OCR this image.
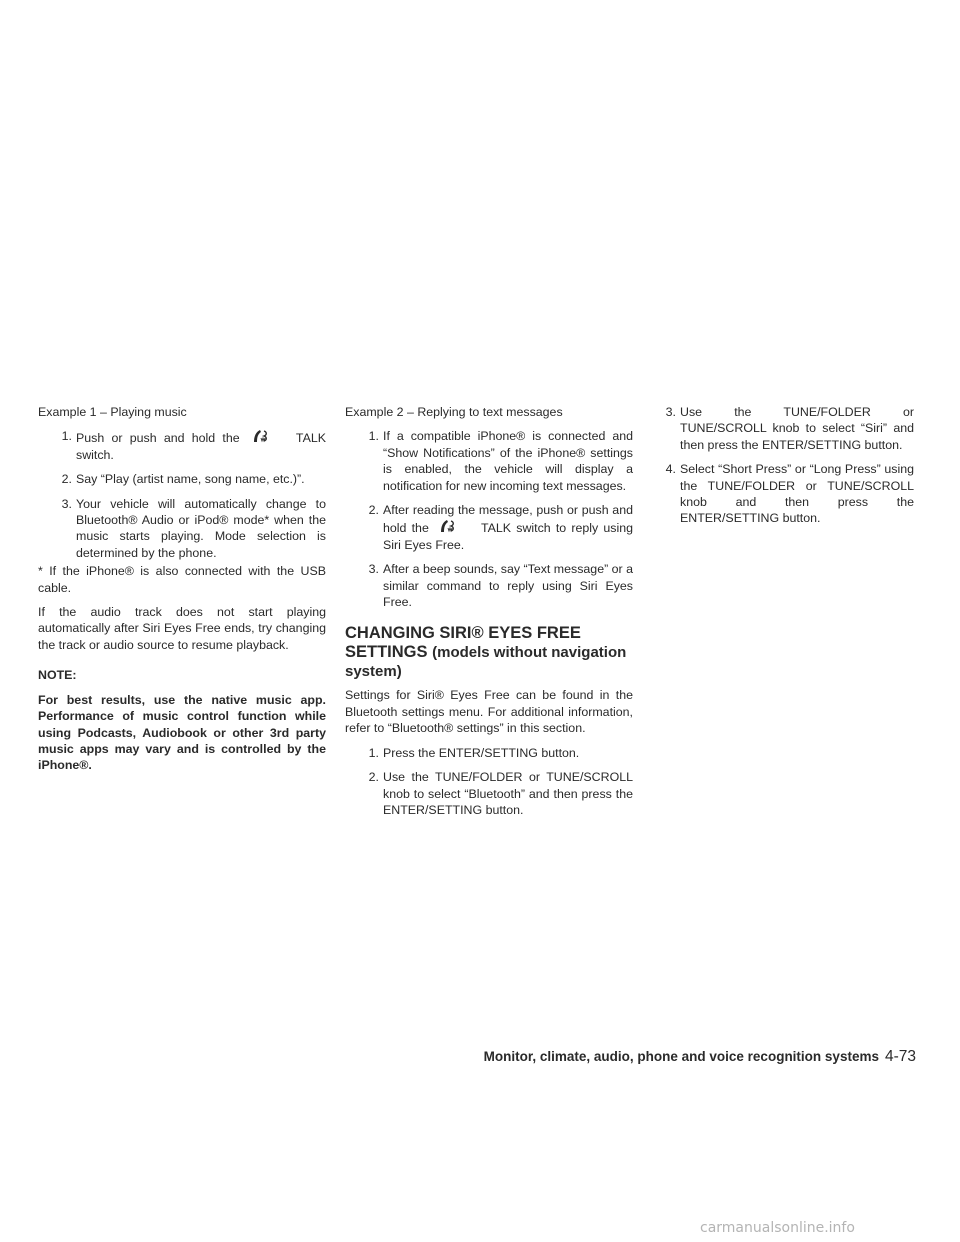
Example 1 – Playing music

1. Push or push and hold the	TALK switch.
2. Say “Play (artist name, song name, etc.)”.
3. Your vehicle will automatically change to Bluetooth® Audio or iPod® mode* when the music starts playing. Mode selection is determined by the phone.

* If the iPhone® is also connected with the USB cable.

If the audio track does not start playing automatically after Siri Eyes Free ends, try changing the track or audio source to resume playback.

NOTE:

For best results, use the native music app. Performance of music control function while using Podcasts, Audiobook or other 3rd party music apps may vary and is controlled by the iPhone®.

Example 2 – Replying to text messages

1. If a compatible iPhone® is connected and “Show Notifications” of the iPhone® settings is enabled, the vehicle will display a notification for new incoming text messages.
2. After reading the message, push or push and hold the	TALK switch to reply using Siri Eyes Free.
3. After a beep sounds, say “Text message” or a similar command to reply using Siri Eyes Free.
CHANGING SIRI® EYES FREE SETTINGS (models without navigation system)

Settings for Siri® Eyes Free can be found in the Bluetooth settings menu. For additional information, refer to “Bluetooth® settings” in this section.

1. Press the ENTER/SETTING button.
2. Use the TUNE/FOLDER or TUNE/SCROLL knob to select “Bluetooth” and then press the ENTER/SETTING button.
3. Use the TUNE/FOLDER or TUNE/SCROLL knob to select “Siri” and then press the ENTER/SETTING button.
4. Select “Short Press” or “Long Press” using the TUNE/FOLDER or TUNE/SCROLL knob and then press the ENTER/SETTING button.
Monitor, climate, audio, phone and voice recognition systems 4-73
carmanualsonline.info
